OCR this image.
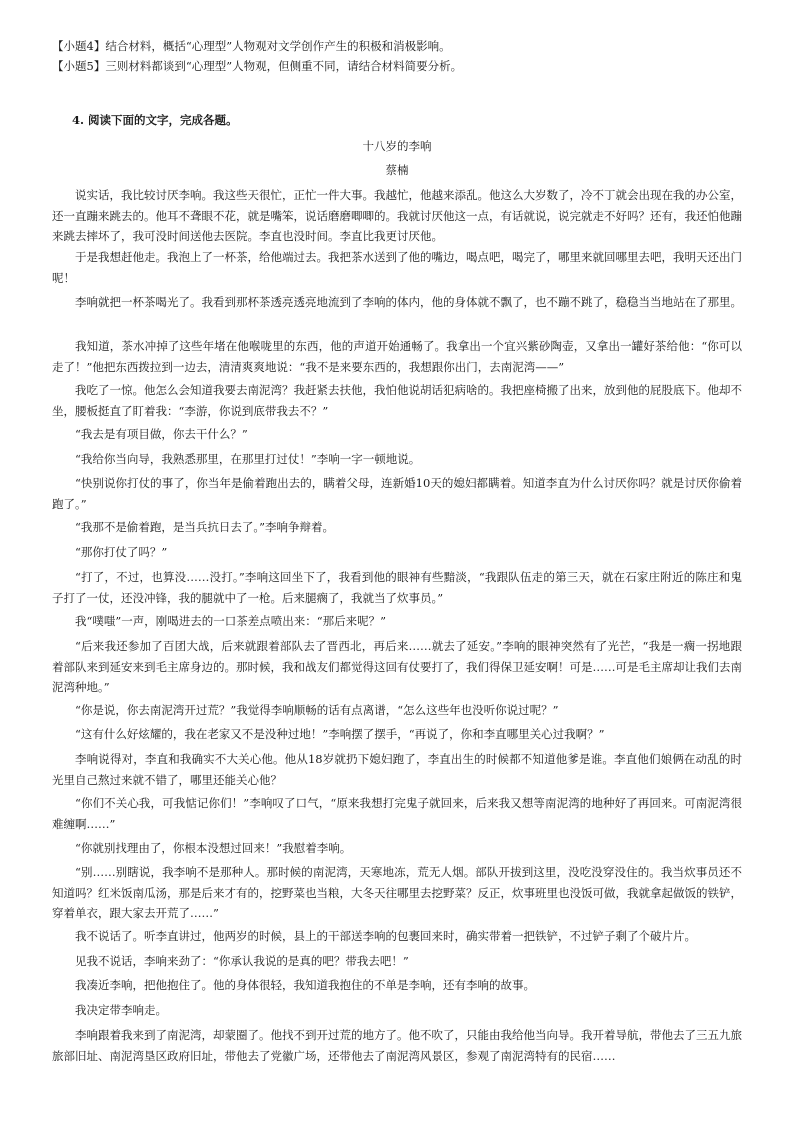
【小题4】结合材料，概括“心理型”人物观对文学创作产生的积极和消极影响。
【小题5】三则材料都谈到“心理型”人物观，但侧重不同，请结合材料简要分析。
4. 阅读下面的文字，完成各题。
十八岁的李响
蔡楠
说实话，我比较讨厌李响。我这些天很忙，正忙一件大事。我越忙，他越来添乱。他这么大岁数了，冷不丁就会出现在我的办公室，还一直蹦来跳去的。他耳不聋眼不花，就是嘴笨，说话磨磨唧唧的。我就讨厌他这一点，有话就说，说完就走不好吗？还有，我还怕他蹦来跳去摔坏了，我可没时间送他去医院。李直也没时间。李直比我更讨厌他。
于是我想赶他走。我泡上了一杯茶，给他端过去。我把茶水送到了他的嘴边，喝点吧，喝完了，哪里来就回哪里去吧，我明天还出门呢！
李响就把一杯茶喝光了。我看到那杯茶透亮透亮地流到了李响的体内，他的身体就不飘了，也不蹦不跳了，稳稳当当地站在了那里。
我知道，茶水冲掉了这些年堵在他喉咙里的东西，他的声道开始通畅了。我拿出一个宜兴紫砂陶壶，又拿出一罐好茶给他：“你可以走了！”他把东西拨拉到一边去，清清爽爽地说：“我不是来要东西的，我想跟你出门，去南泥湾——”
我吃了一惊。他怎么会知道我要去南泥湾？我赶紧去扶他，我怕他说胡话犯病啥的。我把座椅搬了出来，放到他的屁股底下。他却不坐，腰板挺直了盯着我：“李游，你说到底带我去不？”
“我去是有项目做，你去干什么？”
“我给你当向导，我熟悉那里，在那里打过仗！”李响一字一顿地说。
“快别说你打仗的事了，你当年是偷着跑出去的，瞒着父母，连新婚10天的媳妇都瞒着。知道李直为什么讨厌你吗？就是讨厌你偷着跑了。”
“我那不是偷着跑，是当兵抗日去了。”李响争辩着。
“那你打仗了吗？”
“打了，不过，也算没……没打。”李响这回坐下了，我看到他的眼神有些黯淡，“我跟队伍走的第三天，就在石家庄附近的陈庄和鬼子打了一仗，还没冲锋，我的腿就中了一枪。后来腿瘸了，我就当了炊事员。”
我“噗嗤”一声，刚喝进去的一口茶差点喷出来：“那后来呢？”
“后来我还参加了百团大战，后来就跟着部队去了晋西北，再后来……就去了延安。”李响的眼神突然有了光芒，“我是一瘸一拐地跟着部队来到延安来到毛主席身边的。那时候，我和战友们都觉得这回有仗要打了，我们得保卫延安啊！可是……可是毛主席却让我们去南泥湾种地。”
“你是说，你去南泥湾开过荒？”我觉得李响顺畅的话有点离谱，“怎么这些年也没听你说过呢？”
“这有什么好炫耀的，我在老家又不是没种过地！”李响摆了摆手，“再说了，你和李直哪里关心过我啊？”
李响说得对，李直和我确实不大关心他。他从18岁就扔下媳妇跑了，李直出生的时候都不知道他爹是谁。李直他们娘俩在动乱的时光里自己熬过来就不错了，哪里还能关心他？
“你们不关心我，可我惦记你们！”李响叹了口气，“原来我想打完鬼子就回来，后来我又想等南泥湾的地种好了再回来。可南泥湾很难缠啊……”
“你就别找理由了，你根本没想过回来！”我慰着李响。
“别……别瞎说，我李响不是那种人。那时候的南泥湾，天寒地冻，荒无人烟。部队开拔到这里，没吃没穿没住的。我当炊事员还不知道吗？红米饭南瓜汤，那是后来才有的，挖野菜也当粮，大冬天往哪里去挖野菜？反正，炊事班里也没饭可做，我就拿起做饭的铁铲，穿着单衣，跟大家去开荒了……”
我不说话了。听李直讲过，他两岁的时候，县上的干部送李响的包裹回来时，确实带着一把铁铲，不过铲子剩了个破片片。
见我不说话，李响来劲了：“你承认我说的是真的吧？带我去吧！”
我凑近李响，把他抱住了。他的身体很轻，我知道我抱住的不单是李响，还有李响的故事。
我决定带李响走。
李响跟着我来到了南泥湾，却蒙圈了。他找不到开过荒的地方了。他不吹了，只能由我给他当向导。我开着导航，带他去了三五九旅旅部旧址、南泥湾垦区政府旧址，带他去了党徽广场，还带他去了南泥湾风景区，参观了南泥湾特有的民宿……
